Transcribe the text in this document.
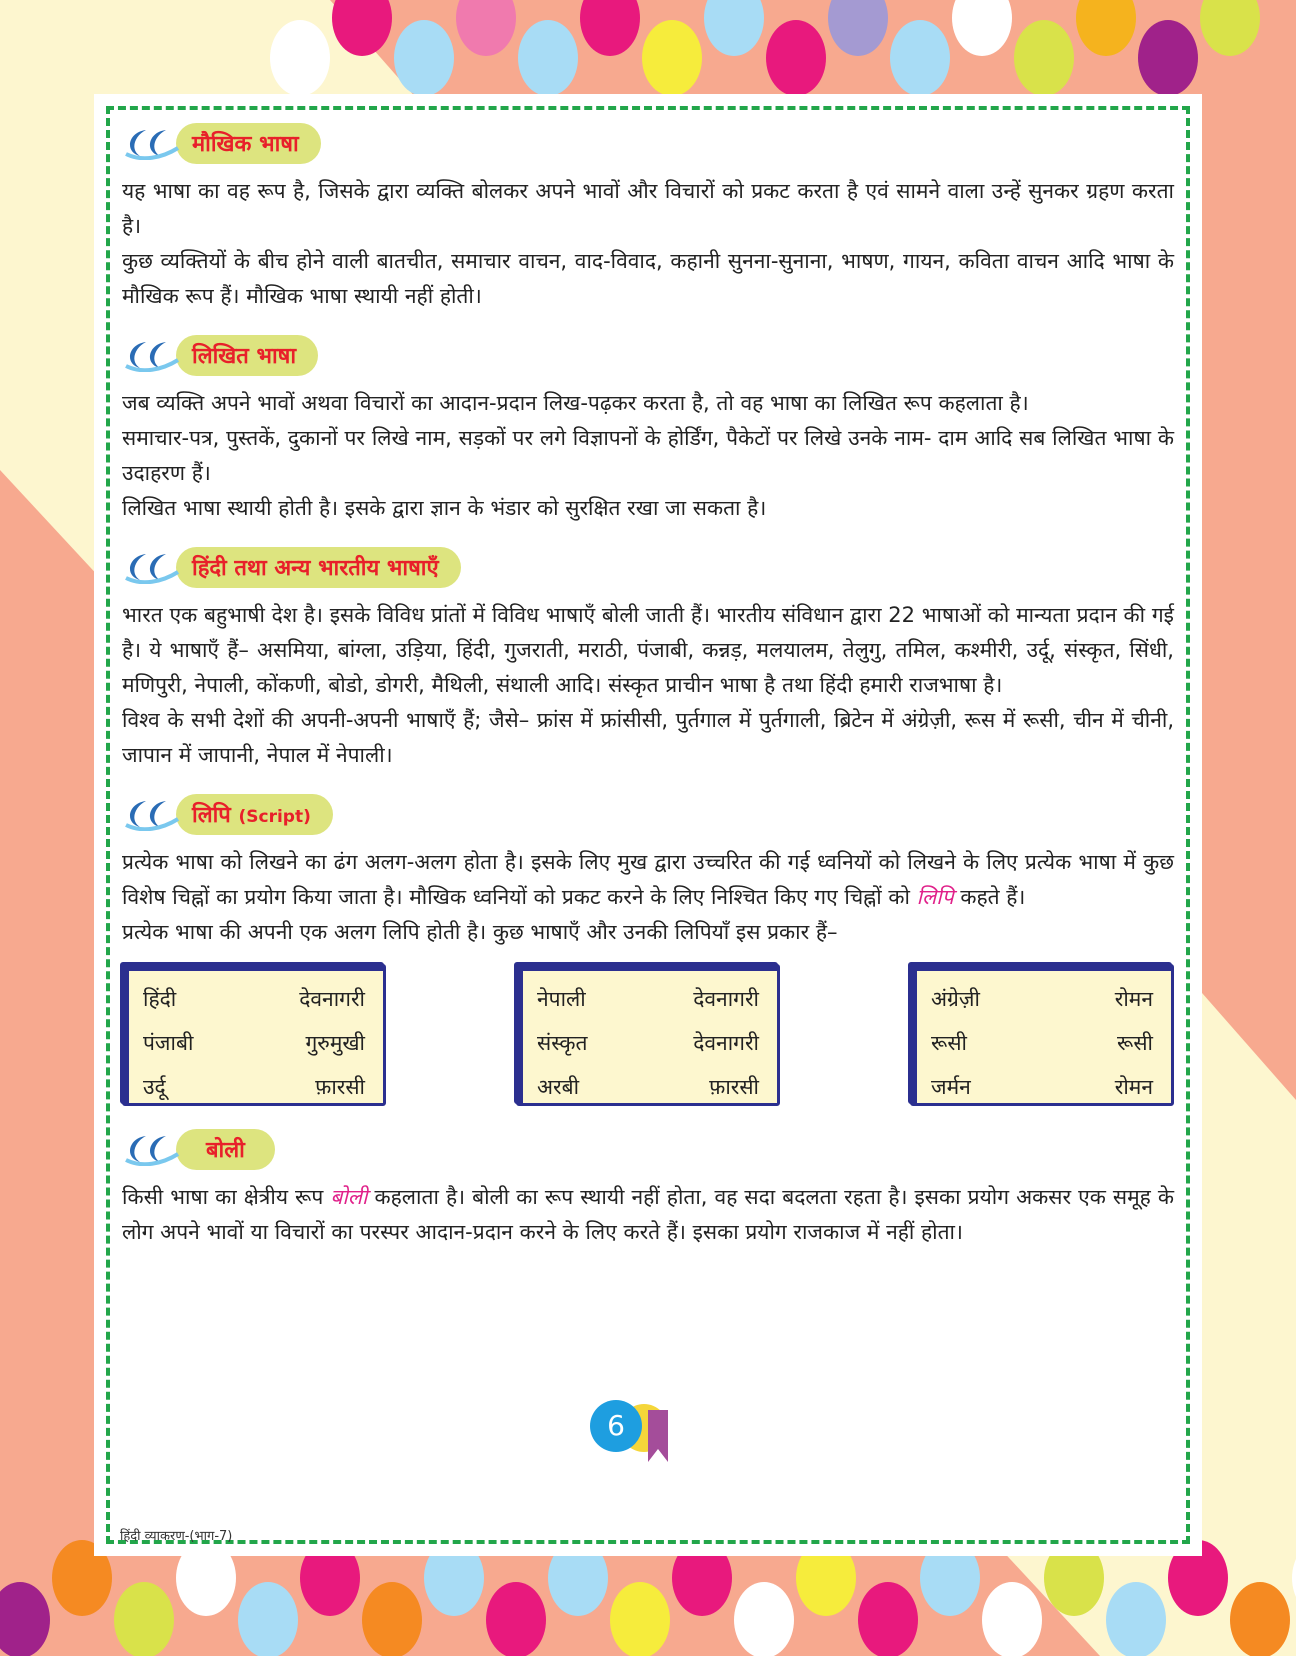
मौखिक भाषा

यह भाषा का वह रूप है, जिसके द्वारा व्यक्ति बोलकर अपने भावों और विचारों को प्रकट करता है एवं सामने वाला उन्हें सुनकर ग्रहण करता है।

कुछ व्यक्तियों के बीच होने वाली बातचीत, समाचार वाचन, वाद-विवाद, कहानी सुनना-सुनाना, भाषण, गायन, कविता वाचन आदि भाषा के मौखिक रूप हैं। मौखिक भाषा स्थायी नहीं होती।

लिखित भाषा

जब व्यक्ति अपने भावों अथवा विचारों का आदान-प्रदान लिख-पढ़कर करता है, तो वह भाषा का लिखित रूप कहलाता है।

समाचार-पत्र, पुस्तकें, दुकानों पर लिखे नाम, सड़कों पर लगे विज्ञापनों के होर्डिंग, पैकेटों पर लिखे उनके नाम- दाम आदि सब लिखित भाषा के उदाहरण हैं।

लिखित भाषा स्थायी होती है। इसके द्वारा ज्ञान के भंडार को सुरक्षित रखा जा सकता है।

हिंदी तथा अन्य भारतीय भाषाएँ

भारत एक बहुभाषी देश है। इसके विविध प्रांतों में विविध भाषाएँ बोली जाती हैं। भारतीय संविधान द्वारा 22 भाषाओं को मान्यता प्रदान की गई है। ये भाषाएँ हैं– असमिया, बांग्ला, उड़िया, हिंदी, गुजराती, मराठी, पंजाबी, कन्नड़, मलयालम, तेलुगु, तमिल, कश्मीरी, उर्दू, संस्कृत, सिंधी, मणिपुरी, नेपाली, कोंकणी, बोडो, डोगरी, मैथिली, संथाली आदि। संस्कृत प्राचीन भाषा है तथा हिंदी हमारी राजभाषा है।

विश्व के सभी देशों की अपनी-अपनी भाषाएँ हैं; जैसे– फ्रांस में फ्रांसीसी, पुर्तगाल में पुर्तगाली, ब्रिटेन में अंग्रेज़ी, रूस में रूसी, चीन में चीनी, जापान में जापानी, नेपाल में नेपाली।

लिपि (Script)

प्रत्येक भाषा को लिखने का ढंग अलग-अलग होता है। इसके लिए मुख द्वारा उच्चरित की गई ध्वनियों को लिखने के लिए प्रत्येक भाषा में कुछ विशेष चिह्नों का प्रयोग किया जाता है। मौखिक ध्वनियों को प्रकट करने के लिए निश्चित किए गए चिह्नों को लिपि कहते हैं।

प्रत्येक भाषा की अपनी एक अलग लिपि होती है। कुछ भाषाएँ और उनकी लिपियाँ इस प्रकार हैं–

हिंदी	देवनागरी
पंजाबी	गुरुमुखी
उर्दू	फ़ारसी
नेपाली	देवनागरी
संस्कृत	देवनागरी
अरबी	फ़ारसी
अंग्रेज़ी	रोमन
रूसी	रूसी
जर्मन	रोमन
बोली

किसी भाषा का क्षेत्रीय रूप बोली कहलाता है। बोली का रूप स्थायी नहीं होता, वह सदा बदलता रहता है। इसका प्रयोग अकसर एक समूह के लोग अपने भावों या विचारों का परस्पर आदान-प्रदान करने के लिए करते हैं। इसका प्रयोग राजकाज में नहीं होता।

हिंदी व्याकरण-(भाग-7)
6
